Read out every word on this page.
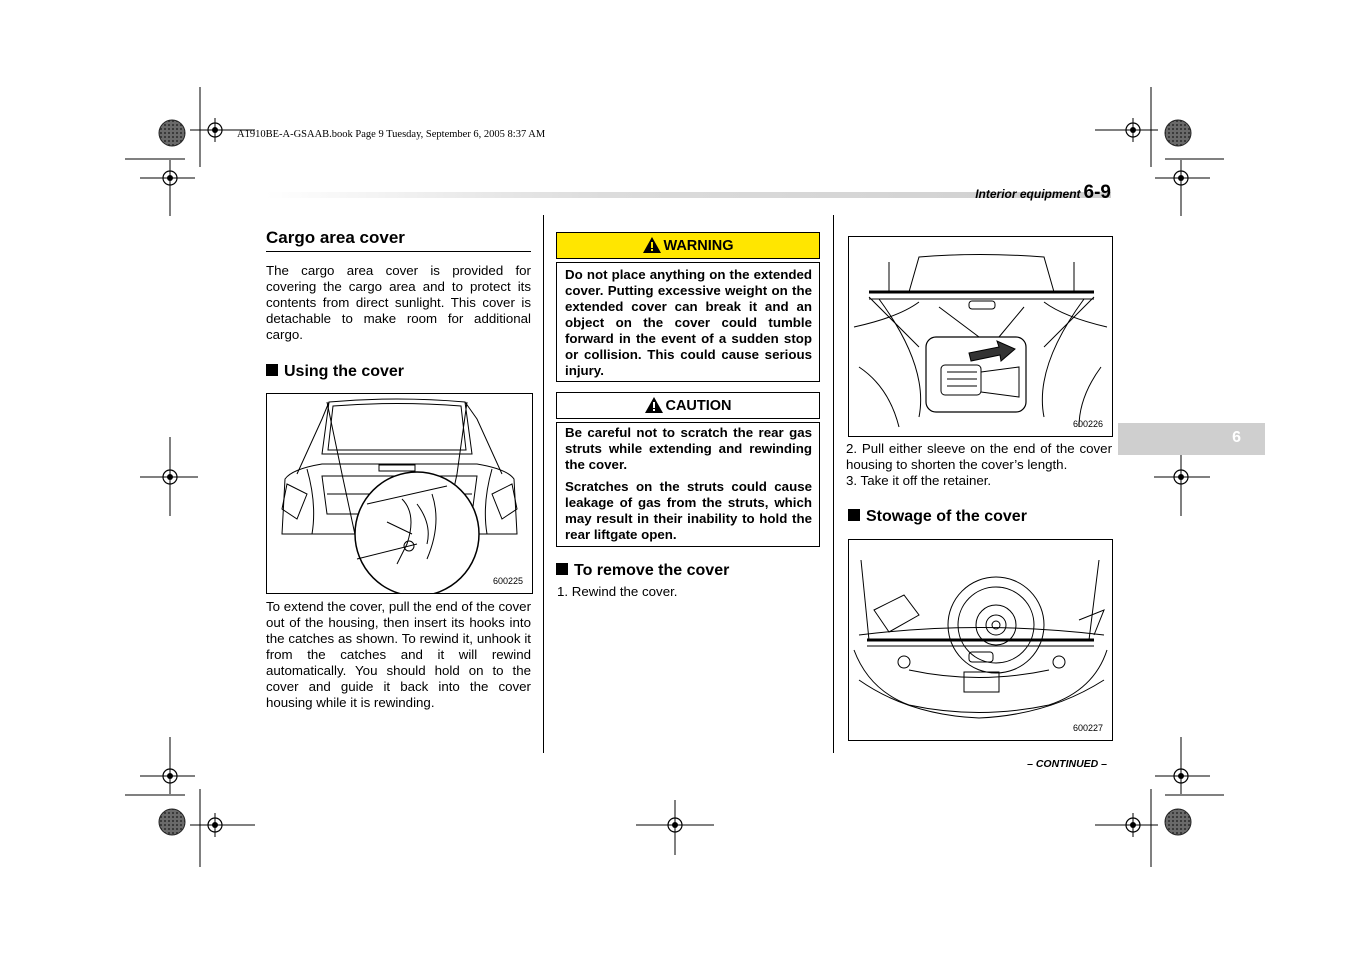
A1910BE-A-GSAAB.book Page 9 Tuesday, September 6, 2005 8:37 AM
Interior equipment 6-9
6
Cargo area cover

The cargo area cover is provided for covering the cargo area and to protect its contents from direct sunlight. This cover is detachable to make room for additional cargo.

Using the cover
600225

To extend the cover, pull the end of the cover out of the housing, then insert its hooks into the catches as shown. To rewind it, unhook it from the catches and it will rewind automatically. You should hold on to the cover and guide it back into the cover housing while it is rewinding.

WARNING

Do not place anything on the extended cover. Putting excessive weight on the extended cover can break it and an object on the cover could tumble forward in the event of a sudden stop or collision. This could cause serious injury.

CAUTION

Be careful not to scratch the rear gas struts while extending and rewinding the cover.

Scratches on the struts could cause leakage of gas from the struts, which may result in their inability to hold the rear liftgate open.

To remove the cover

1. Rewind the cover.

600226

2. Pull either sleeve on the end of the cover housing to shorten the cover’s length.

3. Take it off the retainer.

Stowage of the cover
600227
– CONTINUED –
